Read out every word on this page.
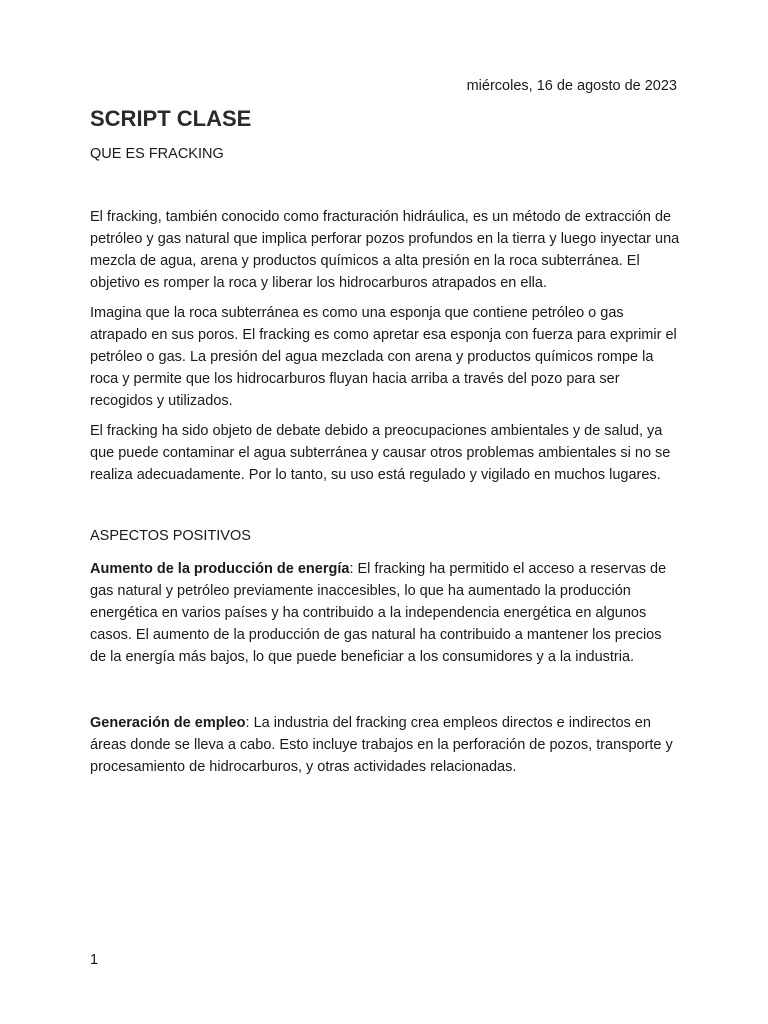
miércoles, 16 de agosto de 2023
SCRIPT CLASE
QUE ES FRACKING

El fracking, también conocido como fracturación hidráulica, es un método de extracción de petróleo y gas natural que implica perforar pozos profundos en la tierra y luego inyectar una mezcla de agua, arena y productos químicos a alta presión en la roca subterránea. El objetivo es romper la roca y liberar los hidrocarburos atrapados en ella.

Imagina que la roca subterránea es como una esponja que contiene petróleo o gas atrapado en sus poros. El fracking es como apretar esa esponja con fuerza para exprimir el petróleo o gas. La presión del agua mezclada con arena y productos químicos rompe la roca y permite que los hidrocarburos fluyan hacia arriba a través del pozo para ser recogidos y utilizados.

El fracking ha sido objeto de debate debido a preocupaciones ambientales y de salud, ya que puede contaminar el agua subterránea y causar otros problemas ambientales si no se realiza adecuadamente. Por lo tanto, su uso está regulado y vigilado en muchos lugares.

ASPECTOS POSITIVOS

Aumento de la producción de energía: El fracking ha permitido el acceso a reservas de gas natural y petróleo previamente inaccesibles, lo que ha aumentado la producción energética en varios países y ha contribuido a la independencia energética en algunos casos. El aumento de la producción de gas natural ha contribuido a mantener los precios de la energía más bajos, lo que puede beneficiar a los consumidores y a la industria.

Generación de empleo: La industria del fracking crea empleos directos e indirectos en áreas donde se lleva a cabo. Esto incluye trabajos en la perforación de pozos, transporte y procesamiento de hidrocarburos, y otras actividades relacionadas.

1
